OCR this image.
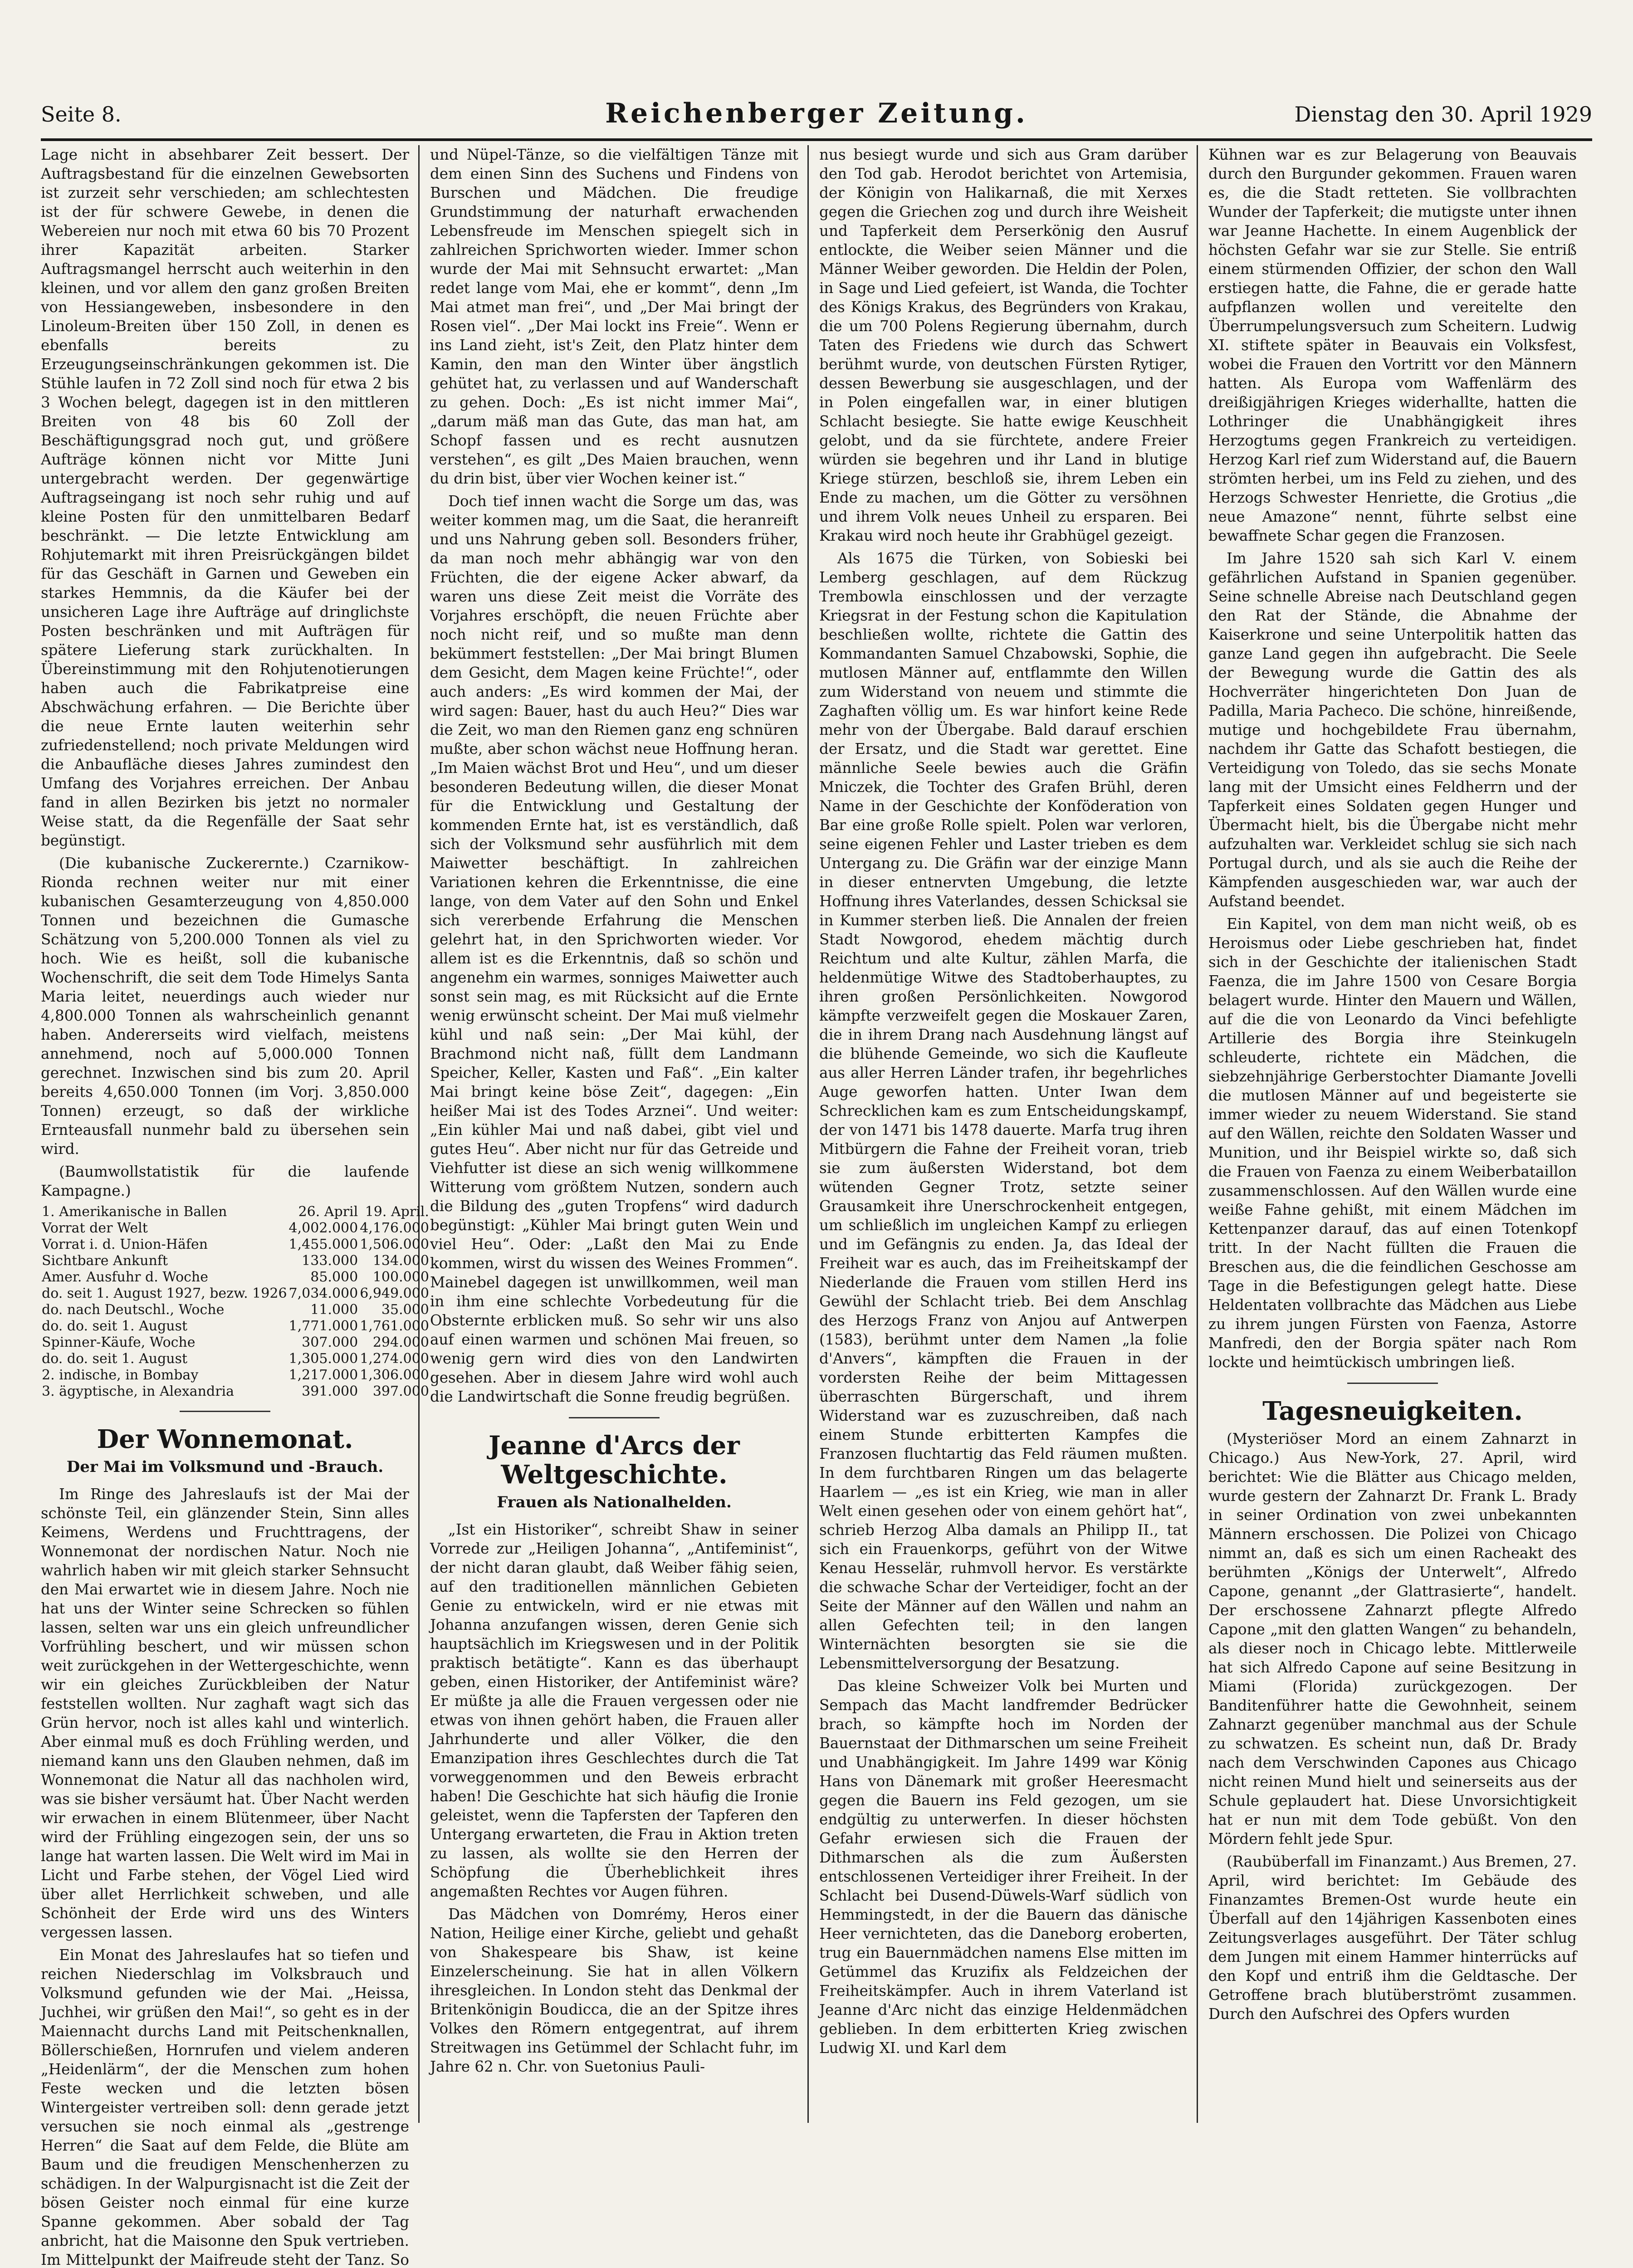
Seite 8.	Reichenberger Zeitung.	Dienstag den 30. April 1929

Lage nicht in absehbarer Zeit bessert. Der Auftragsbestand für die einzelnen Gewebsorten ist zurzeit sehr verschieden; am schlechtesten ist der für schwere Gewebe, in denen die Webereien nur noch mit etwa 60 bis 70 Prozent ihrer Kapazität arbeiten. Starker Auftragsmangel herrscht auch weiterhin in den kleinen, und vor allem den ganz großen Breiten von Hessiangeweben, insbesondere in den Linoleum-Breiten über 150 Zoll, in denen es ebenfalls bereits zu Erzeugungseinschränkungen gekommen ist. Die Stühle laufen in 72 Zoll sind noch für etwa 2 bis 3 Wochen belegt, dagegen ist in den mittleren Breiten von 48 bis 60 Zoll der Beschäftigungsgrad noch gut, und größere Aufträge können nicht vor Mitte Juni untergebracht werden. Der gegenwärtige Auftragseingang ist noch sehr ruhig und auf kleine Posten für den unmittelbaren Bedarf beschränkt. — Die letzte Entwicklung am Rohjutemarkt mit ihren Preisrückgängen bildet für das Geschäft in Garnen und Geweben ein starkes Hemmnis, da die Käufer bei der unsicheren Lage ihre Aufträge auf dringlichste Posten beschränken und mit Aufträgen für spätere Lieferung stark zurückhalten. In Übereinstimmung mit den Rohjutenotierungen haben auch die Fabrikatpreise eine Abschwächung erfahren. — Die Berichte über die neue Ernte lauten weiterhin sehr zufriedenstellend; noch private Meldungen wird die Anbaufläche dieses Jahres zumindest den Umfang des Vorjahres erreichen. Der Anbau fand in allen Bezirken bis jetzt no normaler Weise statt, da die Regenfälle der Saat sehr begünstigt.

(Die kubanische Zuckerernte.) Czarnikow-Rionda rechnen weiter nur mit einer kubanischen Gesamterzeugung von 4,850.000 Tonnen und bezeichnen die Gumasche Schätzung von 5,200.000 Tonnen als viel zu hoch. Wie es heißt, soll die kubanische Wochenschrift, die seit dem Tode Himelys Santa Maria leitet, neuerdings auch wieder nur 4,800.000 Tonnen als wahrscheinlich genannt haben. Andererseits wird vielfach, meistens annehmend, noch auf 5,000.000 Tonnen gerechnet. Inzwischen sind bis zum 20. April bereits 4,650.000 Tonnen (im Vorj. 3,850.000 Tonnen) erzeugt, so daß der wirkliche Ernteausfall nunmehr bald zu übersehen sein wird.

(Baumwollstatistik für die laufende Kampagne.)

1. Amerikanische in Ballen	26. April	19. April.
Vorrat der Welt	4,002.000	4,176.000
Vorrat i. d. Union-Häfen	1,455.000	1,506.000
Sichtbare Ankunft	133.000	134.000
Amer. Ausfuhr d. Woche	85.000	100.000
do. seit 1. August 1927, bezw. 1926	7,034.000	6,949.000
do. nach Deutschl., Woche	11.000	35.000
do. do. seit 1. August	1,771.000	1,761.000
Spinner-Käufe, Woche	307.000	294.000
do. do. seit 1. August	1,305.000	1,274.000
2. indische, in Bombay	1,217.000	1,306.000
3. ägyptische, in Alexandria	391.000	397.000
Der Wonnemonat.
Der Mai im Volksmund und -Brauch.

Im Ringe des Jahreslaufs ist der Mai der schönste Teil, ein glänzender Stein, Sinn alles Keimens, Werdens und Fruchttragens, der Wonnemonat der nordischen Natur. Noch nie wahrlich haben wir mit gleich starker Sehnsucht den Mai erwartet wie in diesem Jahre. Noch nie hat uns der Winter seine Schrecken so fühlen lassen, selten war uns ein gleich unfreundlicher Vorfrühling beschert, und wir müssen schon weit zurückgehen in der Wettergeschichte, wenn wir ein gleiches Zurückbleiben der Natur feststellen wollten. Nur zaghaft wagt sich das Grün hervor, noch ist alles kahl und winterlich. Aber einmal muß es doch Frühling werden, und niemand kann uns den Glauben nehmen, daß im Wonnemonat die Natur all das nachholen wird, was sie bisher versäumt hat. Über Nacht werden wir erwachen in einem Blütenmeer, über Nacht wird der Frühling eingezogen sein, der uns so lange hat warten lassen. Die Welt wird im Mai in Licht und Farbe stehen, der Vögel Lied wird über allet Herrlichkeit schweben, und alle Schönheit der Erde wird uns des Winters vergessen lassen.

Ein Monat des Jahreslaufes hat so tiefen und reichen Niederschlag im Volksbrauch und Volksmund gefunden wie der Mai. „Heissa, Juchhei, wir grüßen den Mai!“, so geht es in der Maiennacht durchs Land mit Peitschenknallen, Böllerschießen, Hornrufen und vielem anderen „Heidenlärm“, der die Menschen zum hohen Feste wecken und die letzten bösen Wintergeister vertreiben soll: denn gerade jetzt versuchen sie noch einmal als „gestrenge Herren“ die Saat auf dem Felde, die Blüte am Baum und die freudigen Menschenherzen zu schädigen. In der Walpurgisnacht ist die Zeit der bösen Geister noch einmal für eine kurze Spanne gekommen. Aber sobald der Tag anbricht, hat die Maisonne den Spuk vertrieben. Im Mittelpunkt der Maifreude steht der Tanz. So

und Nüpel-Tänze, so die vielfältigen Tänze mit dem einen Sinn des Suchens und Findens von Burschen und Mädchen. Die freudige Grundstimmung der naturhaft erwachenden Lebensfreude im Menschen spiegelt sich in zahlreichen Sprichworten wieder. Immer schon wurde der Mai mit Sehnsucht erwartet: „Man redet lange vom Mai, ehe er kommt“, denn „Im Mai atmet man frei“, und „Der Mai bringt der Rosen viel“. „Der Mai lockt ins Freie“. Wenn er ins Land zieht, ist's Zeit, den Platz hinter dem Kamin, den man den Winter über ängstlich gehütet hat, zu verlassen und auf Wanderschaft zu gehen. Doch: „Es ist nicht immer Mai“, „darum mäß man das Gute, das man hat, am Schopf fassen und es recht ausnutzen verstehen“, es gilt „Des Maien brauchen, wenn du drin bist, über vier Wochen keiner ist.“

Doch tief innen wacht die Sorge um das, was weiter kommen mag, um die Saat, die heranreift und uns Nahrung geben soll. Besonders früher, da man noch mehr abhängig war von den Früchten, die der eigene Acker abwarf, da waren uns diese Zeit meist die Vorräte des Vorjahres erschöpft, die neuen Früchte aber noch nicht reif, und so mußte man denn bekümmert feststellen: „Der Mai bringt Blumen dem Gesicht, dem Magen keine Früchte!“, oder auch anders: „Es wird kommen der Mai, der wird sagen: Bauer, hast du auch Heu?“ Dies war die Zeit, wo man den Riemen ganz eng schnüren mußte, aber schon wächst neue Hoffnung heran. „Im Maien wächst Brot und Heu“, und um dieser besonderen Bedeutung willen, die dieser Monat für die Entwicklung und Gestaltung der kommenden Ernte hat, ist es verständlich, daß sich der Volksmund sehr ausführlich mit dem Maiwetter beschäftigt. In zahlreichen Variationen kehren die Erkenntnisse, die eine lange, von dem Vater auf den Sohn und Enkel sich vererbende Erfahrung die Menschen gelehrt hat, in den Sprichworten wieder. Vor allem ist es die Erkenntnis, daß so schön und angenehm ein warmes, sonniges Maiwetter auch sonst sein mag, es mit Rücksicht auf die Ernte wenig erwünscht scheint. Der Mai muß vielmehr kühl und naß sein: „Der Mai kühl, der Brachmond nicht naß, füllt dem Landmann Speicher, Keller, Kasten und Faß“. „Ein kalter Mai bringt keine böse Zeit“, dagegen: „Ein heißer Mai ist des Todes Arznei“. Und weiter: „Ein kühler Mai und naß dabei, gibt viel und gutes Heu“. Aber nicht nur für das Getreide und Viehfutter ist diese an sich wenig willkommene Witterung vom größtem Nutzen, sondern auch die Bildung des „guten Tropfens“ wird dadurch begünstigt: „Kühler Mai bringt guten Wein und viel Heu“. Oder: „Laßt den Mai zu Ende kommen, wirst du wissen des Weines Frommen“. Mainebel dagegen ist unwillkommen, weil man in ihm eine schlechte Vorbedeutung für die Obsternte erblicken muß. So sehr wir uns also auf einen warmen und schönen Mai freuen, so wenig gern wird dies von den Landwirten gesehen. Aber in diesem Jahre wird wohl auch die Landwirtschaft die Sonne freudig begrüßen.

Jeanne d'Arcs der Weltgeschichte.
Frauen als Nationalhelden.

„Ist ein Historiker“, schreibt Shaw in seiner Vorrede zur „Heiligen Johanna“, „Antifeminist“, der nicht daran glaubt, daß Weiber fähig seien, auf den traditionellen männlichen Gebieten Genie zu entwickeln, wird er nie etwas mit Johanna anzufangen wissen, deren Genie sich hauptsächlich im Kriegswesen und in der Politik praktisch betätigte“. Kann es das überhaupt geben, einen Historiker, der Antifeminist wäre? Er müßte ja alle die Frauen vergessen oder nie etwas von ihnen gehört haben, die Frauen aller Jahrhunderte und aller Völker, die den Emanzipation ihres Geschlechtes durch die Tat vorweggenommen und den Beweis erbracht haben! Die Geschichte hat sich häufig die Ironie geleistet, wenn die Tapfersten der Tapferen den Untergang erwarteten, die Frau in Aktion treten zu lassen, als wollte sie den Herren der Schöpfung die Überheblichkeit ihres angemaßten Rechtes vor Augen führen.

Das Mädchen von Domrémy, Heros einer Nation, Heilige einer Kirche, geliebt und gehaßt von Shakespeare bis Shaw, ist keine Einzelerscheinung. Sie hat in allen Völkern ihresgleichen. In London steht das Denkmal der Britenkönigin Boudicca, die an der Spitze ihres Volkes den Römern entgegentrat, auf ihrem Streitwagen ins Getümmel der Schlacht fuhr, im Jahre 62 n. Chr. von Suetonius Pauli-

nus besiegt wurde und sich aus Gram darüber den Tod gab. Herodot berichtet von Artemisia, der Königin von Halikarnaß, die mit Xerxes gegen die Griechen zog und durch ihre Weisheit und Tapferkeit dem Perserkönig den Ausruf entlockte, die Weiber seien Männer und die Männer Weiber geworden. Die Heldin der Polen, in Sage und Lied gefeiert, ist Wanda, die Tochter des Königs Krakus, des Begründers von Krakau, die um 700 Polens Regierung übernahm, durch Taten des Friedens wie durch das Schwert berühmt wurde, von deutschen Fürsten Rytiger, dessen Bewerbung sie ausgeschlagen, und der in Polen eingefallen war, in einer blutigen Schlacht besiegte. Sie hatte ewige Keuschheit gelobt, und da sie fürchtete, andere Freier würden sie begehren und ihr Land in blutige Kriege stürzen, beschloß sie, ihrem Leben ein Ende zu machen, um die Götter zu versöhnen und ihrem Volk neues Unheil zu ersparen. Bei Krakau wird noch heute ihr Grabhügel gezeigt.

Als 1675 die Türken, von Sobieski bei Lemberg geschlagen, auf dem Rückzug Trembowla einschlossen und der verzagte Kriegsrat in der Festung schon die Kapitulation beschließen wollte, richtete die Gattin des Kommandanten Samuel Chzabowski, Sophie, die mutlosen Männer auf, entflammte den Willen zum Widerstand von neuem und stimmte die Zaghaften völlig um. Es war hinfort keine Rede mehr von der Übergabe. Bald darauf erschien der Ersatz, und die Stadt war gerettet. Eine männliche Seele bewies auch die Gräfin Mniczek, die Tochter des Grafen Brühl, deren Name in der Geschichte der Konföderation von Bar eine große Rolle spielt. Polen war verloren, seine eigenen Fehler und Laster trieben es dem Untergang zu. Die Gräfin war der einzige Mann in dieser entnervten Umgebung, die letzte Hoffnung ihres Vaterlandes, dessen Schicksal sie in Kummer sterben ließ. Die Annalen der freien Stadt Nowgorod, ehedem mächtig durch Reichtum und alte Kultur, zählen Marfa, die heldenmütige Witwe des Stadtoberhauptes, zu ihren großen Persönlichkeiten. Nowgorod kämpfte verzweifelt gegen die Moskauer Zaren, die in ihrem Drang nach Ausdehnung längst auf die blühende Gemeinde, wo sich die Kaufleute aus aller Herren Länder trafen, ihr begehrliches Auge geworfen hatten. Unter Iwan dem Schrecklichen kam es zum Entscheidungskampf, der von 1471 bis 1478 dauerte. Marfa trug ihren Mitbürgern die Fahne der Freiheit voran, trieb sie zum äußersten Widerstand, bot dem wütenden Gegner Trotz, setzte seiner Grausamkeit ihre Unerschrockenheit entgegen, um schließlich im ungleichen Kampf zu erliegen und im Gefängnis zu enden. Ja, das Ideal der Freiheit war es auch, das im Freiheitskampf der Niederlande die Frauen vom stillen Herd ins Gewühl der Schlacht trieb. Bei dem Anschlag des Herzogs Franz von Anjou auf Antwerpen (1583), berühmt unter dem Namen „la folie d'Anvers“, kämpften die Frauen in der vordersten Reihe der beim Mittagessen überraschten Bürgerschaft, und ihrem Widerstand war es zuzuschreiben, daß nach einem Stunde erbitterten Kampfes die Franzosen fluchtartig das Feld räumen mußten. In dem furchtbaren Ringen um das belagerte Haarlem — „es ist ein Krieg, wie man in aller Welt einen gesehen oder von einem gehört hat“, schrieb Herzog Alba damals an Philipp II., tat sich ein Frauenkorps, geführt von der Witwe Kenau Hesselär, ruhmvoll hervor. Es verstärkte die schwache Schar der Verteidiger, focht an der Seite der Männer auf den Wällen und nahm an allen Gefechten teil; in den langen Winternächten besorgten sie sie die Lebensmittelversorgung der Besatzung.

Das kleine Schweizer Volk bei Murten und Sempach das Macht landfremder Bedrücker brach, so kämpfte hoch im Norden der Bauernstaat der Dithmarschen um seine Freiheit und Unabhängigkeit. Im Jahre 1499 war König Hans von Dänemark mit großer Heeresmacht gegen die Bauern ins Feld gezogen, um sie endgültig zu unterwerfen. In dieser höchsten Gefahr erwiesen sich die Frauen der Dithmarschen als die zum Äußersten entschlossenen Verteidiger ihrer Freiheit. In der Schlacht bei Dusend-Düwels-Warf südlich von Hemmingstedt, in der die Bauern das dänische Heer vernichteten, das die Daneborg eroberten, trug ein Bauernmädchen namens Else mitten im Getümmel das Kruzifix als Feldzeichen der Freiheitskämpfer. Auch in ihrem Vaterland ist Jeanne d'Arc nicht das einzige Heldenmädchen geblieben. In dem erbitterten Krieg zwischen Ludwig XI. und Karl dem

Kühnen war es zur Belagerung von Beauvais durch den Burgunder gekommen. Frauen waren es, die die Stadt retteten. Sie vollbrachten Wunder der Tapferkeit; die mutigste unter ihnen war Jeanne Hachette. In einem Augenblick der höchsten Gefahr war sie zur Stelle. Sie entriß einem stürmenden Offizier, der schon den Wall erstiegen hatte, die Fahne, die er gerade hatte aufpflanzen wollen und vereitelte den Überrumpelungsversuch zum Scheitern. Ludwig XI. stiftete später in Beauvais ein Volksfest, wobei die Frauen den Vortritt vor den Männern hatten. Als Europa vom Waffenlärm des dreißigjährigen Krieges widerhallte, hatten die Lothringer die Unabhängigkeit ihres Herzogtums gegen Frankreich zu verteidigen. Herzog Karl rief zum Widerstand auf, die Bauern strömten herbei, um ins Feld zu ziehen, und des Herzogs Schwester Henriette, die Grotius „die neue Amazone“ nennt, führte selbst eine bewaffnete Schar gegen die Franzosen.

Im Jahre 1520 sah sich Karl V. einem gefährlichen Aufstand in Spanien gegenüber. Seine schnelle Abreise nach Deutschland gegen den Rat der Stände, die Abnahme der Kaiserkrone und seine Unterpolitik hatten das ganze Land gegen ihn aufgebracht. Die Seele der Bewegung wurde die Gattin des als Hochverräter hingerichteten Don Juan de Padilla, Maria Pacheco. Die schöne, hinreißende, mutige und hochgebildete Frau übernahm, nachdem ihr Gatte das Schafott bestiegen, die Verteidigung von Toledo, das sie sechs Monate lang mit der Umsicht eines Feldherrn und der Tapferkeit eines Soldaten gegen Hunger und Übermacht hielt, bis die Übergabe nicht mehr aufzuhalten war. Verkleidet schlug sie sich nach Portugal durch, und als sie auch die Reihe der Kämpfenden ausgeschieden war, war auch der Aufstand beendet.

Ein Kapitel, von dem man nicht weiß, ob es Heroismus oder Liebe geschrieben hat, findet sich in der Geschichte der italienischen Stadt Faenza, die im Jahre 1500 von Cesare Borgia belagert wurde. Hinter den Mauern und Wällen, auf die die von Leonardo da Vinci befehligte Artillerie des Borgia ihre Steinkugeln schleuderte, richtete ein Mädchen, die siebzehnjährige Gerberstochter Diamante Jovelli die mutlosen Männer auf und begeisterte sie immer wieder zu neuem Widerstand. Sie stand auf den Wällen, reichte den Soldaten Wasser und Munition, und ihr Beispiel wirkte so, daß sich die Frauen von Faenza zu einem Weiberbataillon zusammenschlossen. Auf den Wällen wurde eine weiße Fahne gehißt, mit einem Mädchen im Kettenpanzer darauf, das auf einen Totenkopf tritt. In der Nacht füllten die Frauen die Breschen aus, die die feindlichen Geschosse am Tage in die Befestigungen gelegt hatte. Diese Heldentaten vollbrachte das Mädchen aus Liebe zu ihrem jungen Fürsten von Faenza, Astorre Manfredi, den der Borgia später nach Rom lockte und heimtückisch umbringen ließ.

Tagesneuigkeiten.

(Mysteriöser Mord an einem Zahnarzt in Chicago.) Aus New-York, 27. April, wird berichtet: Wie die Blätter aus Chicago melden, wurde gestern der Zahnarzt Dr. Frank L. Brady in seiner Ordination von zwei unbekannten Männern erschossen. Die Polizei von Chicago nimmt an, daß es sich um einen Racheakt des berühmten „Königs der Unterwelt“, Alfredo Capone, genannt „der Glattrasierte“, handelt. Der erschossene Zahnarzt pflegte Alfredo Capone „mit den glatten Wangen“ zu behandeln, als dieser noch in Chicago lebte. Mittlerweile hat sich Alfredo Capone auf seine Besitzung in Miami (Florida) zurückgezogen. Der Banditenführer hatte die Gewohnheit, seinem Zahnarzt gegenüber manchmal aus der Schule zu schwatzen. Es scheint nun, daß Dr. Brady nach dem Verschwinden Capones aus Chicago nicht reinen Mund hielt und seinerseits aus der Schule geplaudert hat. Diese Unvorsichtigkeit hat er nun mit dem Tode gebüßt. Von den Mördern fehlt jede Spur.

(Raubüberfall im Finanzamt.) Aus Bremen, 27. April, wird berichtet: Im Gebäude des Finanzamtes Bremen-Ost wurde heute ein Überfall auf den 14jährigen Kassenboten eines Zeitungsverlages ausgeführt. Der Täter schlug dem Jungen mit einem Hammer hinterrücks auf den Kopf und entriß ihm die Geldtasche. Der Getroffene brach blutüberströmt zusammen. Durch den Aufschrei des Opfers wurden
